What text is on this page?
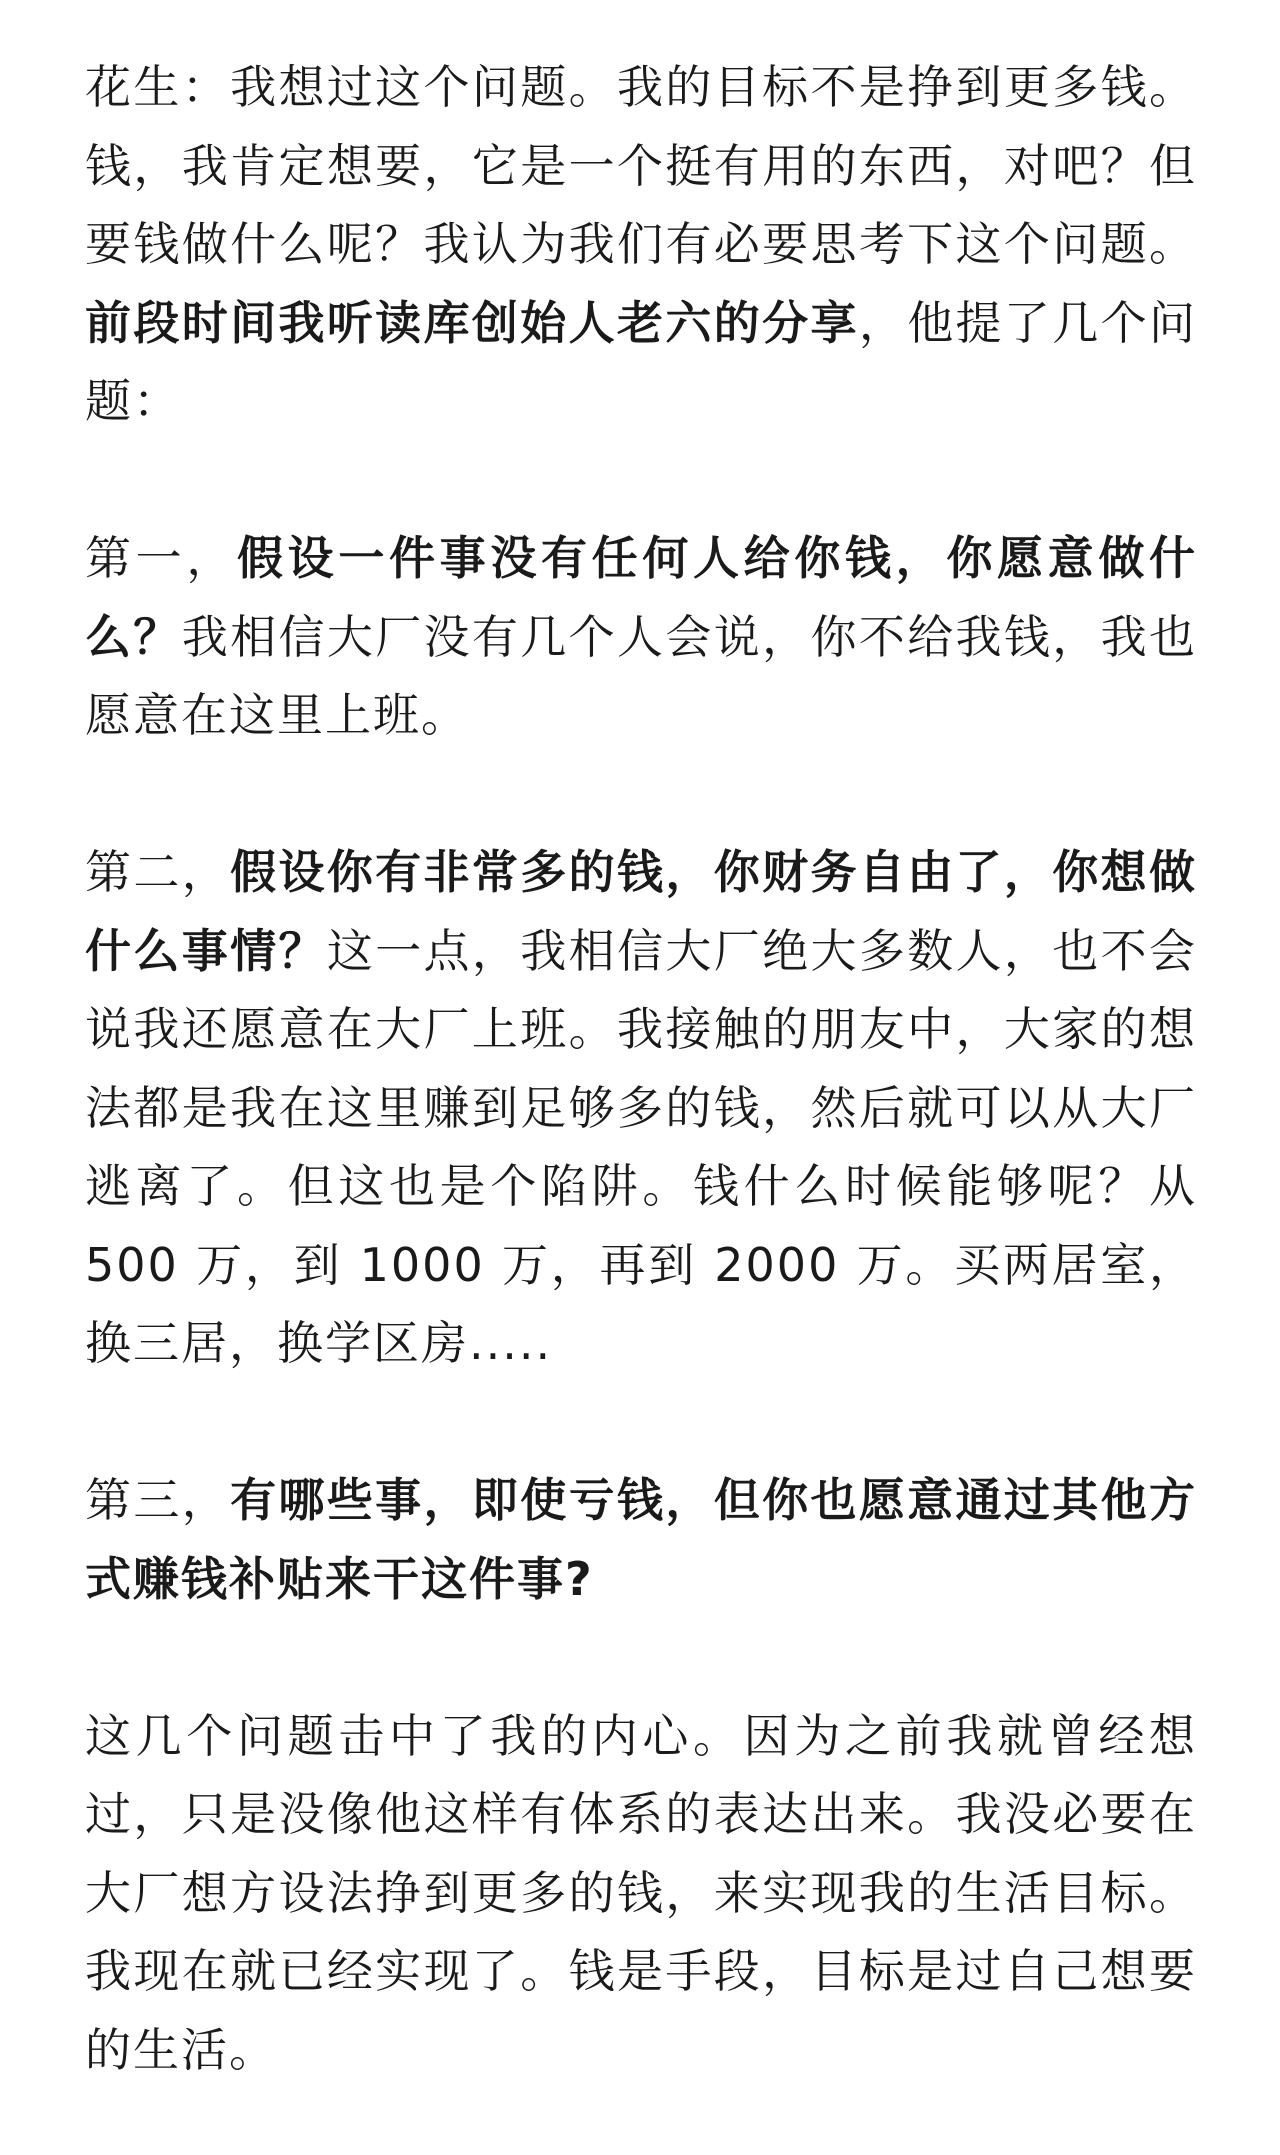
花生：我想过这个问题。我的目标不是挣到更多钱。钱，我肯定想要，它是一个挺有用的东西，对吧？但要钱做什么呢？我认为我们有必要思考下这个问题。前段时间我听读库创始人老六的分享，他提了几个问题：

第一，假设一件事没有任何人给你钱，你愿意做什么？我相信大厂没有几个人会说，你不给我钱，我也愿意在这里上班。

第二，假设你有非常多的钱，你财务自由了，你想做什么事情？这一点，我相信大厂绝大多数人，也不会说我还愿意在大厂上班。我接触的朋友中，大家的想法都是我在这里赚到足够多的钱，然后就可以从大厂逃离了。但这也是个陷阱。钱什么时候能够呢？从 500 万，到 1000 万，再到 2000 万。买两居室，换三居，换学区房.....

第三，有哪些事，即使亏钱，但你也愿意通过其他方式赚钱补贴来干这件事?

这几个问题击中了我的内心。因为之前我就曾经想过，只是没像他这样有体系的表达出来。我没必要在大厂想方设法挣到更多的钱，来实现我的生活目标。我现在就已经实现了。钱是手段，目标是过自己想要的生活。
